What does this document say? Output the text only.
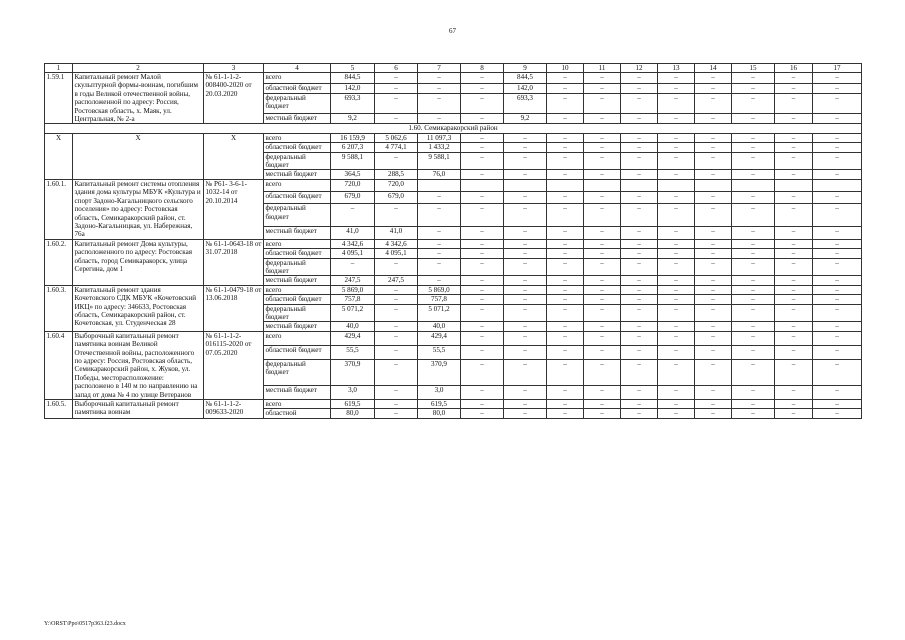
67
1	2	3	4	5	6	7	8	9	10	11	12	13	14	15	16	17
1.59.1	Капитальный ремонт Малой скульптурной формы-воинам, погибшим в годы Великой отечественной войны, расположенной по адресу: Россия, Ростовская область, х. Маяк, ул. Центральная, № 2-а	№ 61-1-1-2-008400-2020 от 20.03.2020	всего	844,5	–	–	–	844,5	–	–	–	–	–	–	–	–
			областной бюджет	142,0	–	–	–	142,0	–	–	–	–	–	–	–	–
			федеральный бюджет	693,3	–	–	–	693,3	–	–	–	–	–	–	–	–
			местный бюджет	9,2	–	–	–	9,2	–	–	–	–	–	–	–	–
1.60. Семикаракорский район																
Х	Х	Х	всего	16 159,9	5 062,6	11 097,3	–	–	–	–	–	–	–	–	–	–
			областной бюджет	6 207,3	4 774,1	1 433,2	–	–	–	–	–	–	–	–	–	–
			федеральный бюджет	9 588,1	–	9 588,1	–	–	–	–	–	–	–	–	–	–
			местный бюджет	364,5	288,5	76,0	–	–	–	–	–	–	–	–	–	–
1.60.1.	Капитальный ремонт системы отопления здания дома культуры МБУК «Культура и спорт Задоно-Кагальницкого сельского поселения» по адресу: Ростовская область, Семикаракорский район, ст. Задоно-Кагальницкая, ул. Набережная, 76а	№ Р61- 3-6-1-1032-14 от 20.10.2014	всего	720,0	720,0											
			областной бюджет	679,0	679,0	–	–	–	–	–	–	–	–	–	–	–
			федеральный бюджет	–	–	–	–	–	–	–	–	–	–	–	–	–
			местный бюджет	41,0	41,0	–	–	–	–	–	–	–	–	–	–	–
1.60.2.	Капитальный ремонт Дома культуры, расположенного по адресу: Ростовская область, город Семикаракорск, улица Серегина, дом 1	№ 61-1-0643-18 от 31.07.2018	всего	4 342,6	4 342,6	–	–	–	–	–	–	–	–	–	–	–
			областной бюджет	4 095,1	4 095,1	–	–	–	–	–	–	–	–	–	–	–
			федеральный бюджет	–	–	–	–	–	–	–	–	–	–	–	–	–
			местный бюджет	247,5	247,5	–	–	–	–	–	–	–	–	–	–	–
1.60.3.	Капитальный ремонт здания Кочетовского СДК МБУК «Кочетовский ИКЦ» по адресу: 346633, Ростовская область, Семикаракорский район, ст. Кочетовская, ул. Студенческая 28	№ 61-1-0479-18 от 13.06.2018	всего	5 869,0	–	5 869,0	–	–	–	–	–	–	–	–	–	–
			областной бюджет	757,8	–	757,8	–	–	–	–	–	–	–	–	–	–
			федеральный бюджет	5 071,2	–	5 071,2	–	–	–	–	–	–	–	–	–	–
			местный бюджет	40,0	–	40,0	–	–	–	–	–	–	–	–	–	–
1.60.4	Выборочный капитальный ремонт памятника воинам Великой Отечественной войны, расположенного по адресу: Россия, Ростовская область, Семикаракорский район, х. Жуков, ул. Победы, месторасположение: расположено в 140 м по направлению на запад от дома № 4 по улице Ветеранов	№ 61-1-1-2-016115-2020 от 07.05.2020	всего	429,4	–	429,4	–	–	–	–	–	–	–	–	–	–
			областной бюджет	55,5	–	55,5	–	–	–	–	–	–	–	–	–	–
			федеральный бюджет	370,9	–	370,9	–	–	–	–	–	–	–	–	–	–
			местный бюджет	3,0	–	3,0	–	–	–	–	–	–	–	–	–	–
1.60.5.	Выборочный капитальный ремонт памятника воинам	№ 61-1-1-2-009633-2020	всего	619,5	–	619,5	–	–	–	–	–	–	–	–	–	–
			областной	80,0	–	80,0	–	–	–	–	–	–	–	–	–	–
Y:\ORST\Ppo\0517p363.f23.docx
